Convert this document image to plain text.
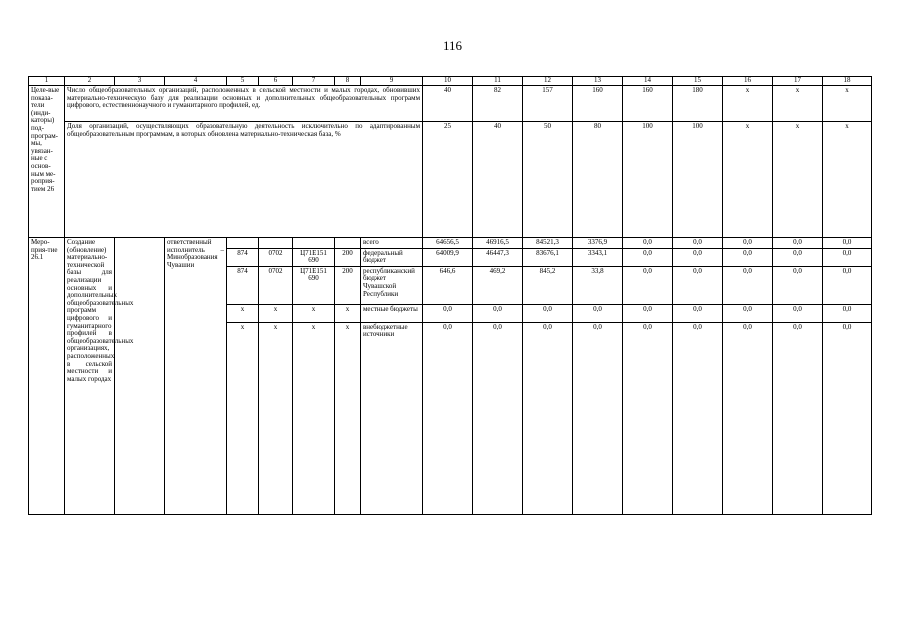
116
1	2	3	4	5	6	7	8	9	10	11	12	13	14	15	16	17	18
Целе-вые показа-тели (инди-каторы) под-програм-мы, увязан-ные с основ-ным ме-роприя-тием 26	Число общеобразовательных организаций, расположенных в сельской местности и малых городах, обновивших материально-техническую базу для реализации основных и дополнительных общеобразовательных программ цифрового, естественнонаучного и гуманитарного профилей, ед.								40	82	157	160	160	180	x	x	x
	Доля организаций, осуществляющих образовательную деятельность исключительно по адаптированным общеобразовательным программам, в которых обновлена материально-техническая база, %								25	40	50	80	100	100	x	x	x
Меро-прия-тие 26.1	Создание (обновление) материально-технической базы для реализации основных и дополнительных общеобразовательных программ цифрового и гуманитарного профилей в общеобразовательных организациях, расположенных в сельской местности и малых городах		ответственный исполнитель – Минобразования Чувашии					всего	64656,5	46916,5	84521,3	3376,9	0,0	0,0	0,0	0,0	0,0
				874	0702	Ц71Е151 690	200	федеральный бюджет	64009,9	46447,3	83676,1	3343,1	0,0	0,0	0,0	0,0	0,0
				874	0702	Ц71Е151 690	200	республиканский бюджет Чувашской Республики	646,6	469,2	845,2	33,8	0,0	0,0	0,0	0,0	0,0
				x	x	x	x	местные бюджеты	0,0	0,0	0,0	0,0	0,0	0,0	0,0	0,0	0,0
				x	x	x	x	внебюджетные источники	0,0	0,0	0,0	0,0	0,0	0,0	0,0	0,0	0,0
